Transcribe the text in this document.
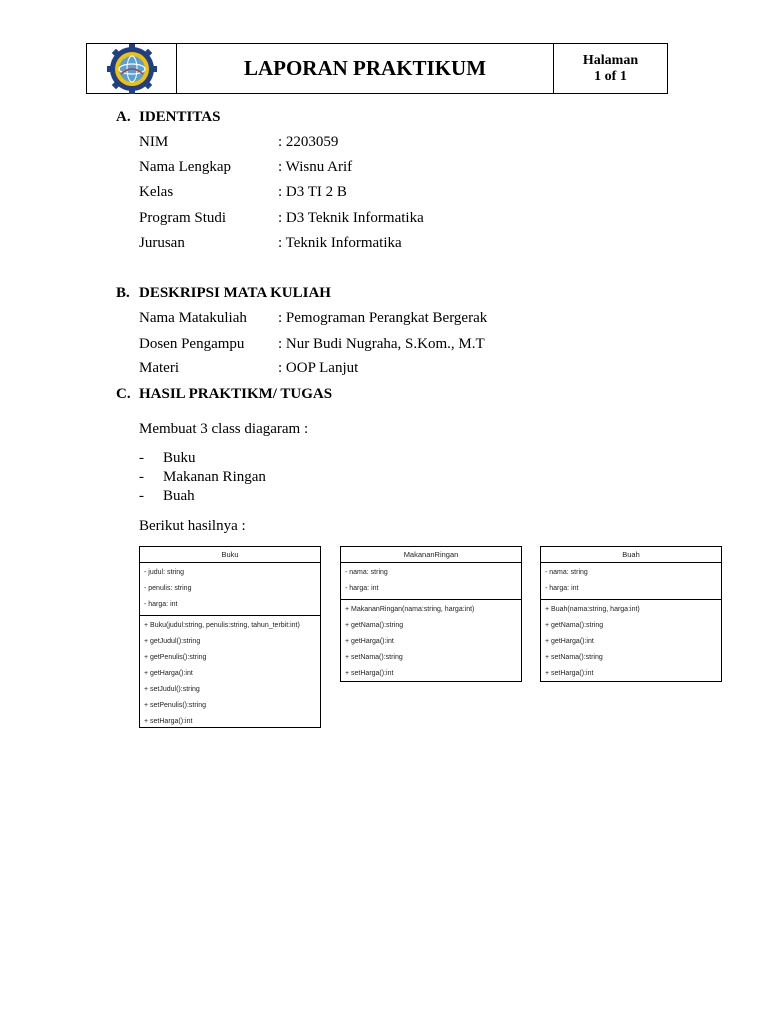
LAPORAN PRAKTIKUM	Halaman
1 of 1
A. IDENTITAS
NIM	: 2203059
Nama Lengkap	: Wisnu Arif
Kelas	: D3 TI 2 B
Program Studi	: D3 Teknik Informatika
Jurusan	: Teknik Informatika
B. DESKRIPSI MATA KULIAH
Nama Matakuliah	: Pemograman Perangkat Bergerak
Dosen Pengampu	: Nur Budi Nugraha, S.Kom., M.T
Materi	: OOP Lanjut
C. HASIL PRAKTIKM/ TUGAS
Membuat 3 class diagaram :
- Buku
- Makanan Ringan
- Buah
Berikut hasilnya :
Buku
- judul: string
- penulis: string
- harga: int
+ Buku(judul:string, penulis:string, tahun_terbit:int)
+ getJudul():string
+ getPenulis():string
+ getHarga():int
+ setJudul():string
+ setPenulis():string
+ setHarga():int
MakananRingan
- nama: string
- harga: int
+ MakananRingan(nama:string, harga:int)
+ getNama():string
+ getHarga():int
+ setNama():string
+ setHarga():int
Buah
- nama: string
- harga: int
+ Buah(nama:string, harga:int)
+ getNama():string
+ getHarga():int
+ setNama():string
+ setHarga():int
